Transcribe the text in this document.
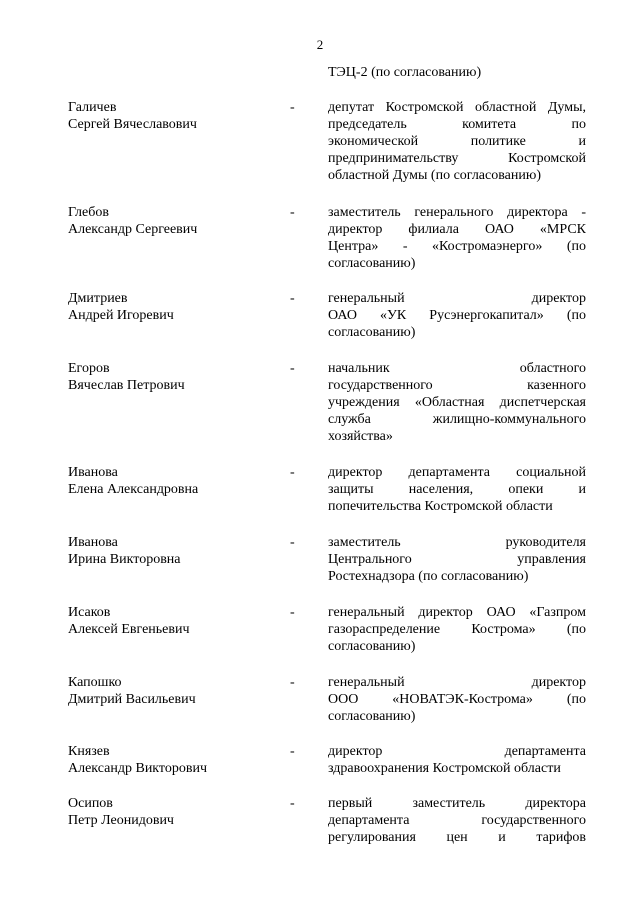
2
ТЭЦ-2 (по согласованию)
Галичев
Сергей Вячеславович
- депутат Костромской областной Думы,
председатель комитета по
экономической политике и
предпринимательству Костромской
областной Думы (по согласованию)
Глебов
Александр Сергеевич
- заместитель генерального директора -
директор филиала ОАО «МРСК
Центра» - «Костромаэнерго» (по
согласованию)
Дмитриев
Андрей Игоревич
- генеральный директор
ОАО «УК Русэнергокапитал» (по
согласованию)
Егоров
Вячеслав Петрович
- начальник областного
государственного казенного
учреждения «Областная диспетчерская
служба жилищно-коммунального
хозяйства»
Иванова
Елена Александровна
- директор департамента социальной
защиты населения, опеки и
попечительства Костромской области
Иванова
Ирина Викторовна
- заместитель руководителя
Центрального управления
Ростехнадзора (по согласованию)
Исаков
Алексей Евгеньевич
- генеральный директор ОАО «Газпром
газораспределение Кострома» (по
согласованию)
Капошко
Дмитрий Васильевич
- генеральный директор
ООО «НОВАТЭК-Кострома» (по
согласованию)
Князев
Александр Викторович
- директор департамента
здравоохранения Костромской области
Осипов
Петр Леонидович
- первый заместитель директора
департамента государственного
регулирования цен и тарифов
